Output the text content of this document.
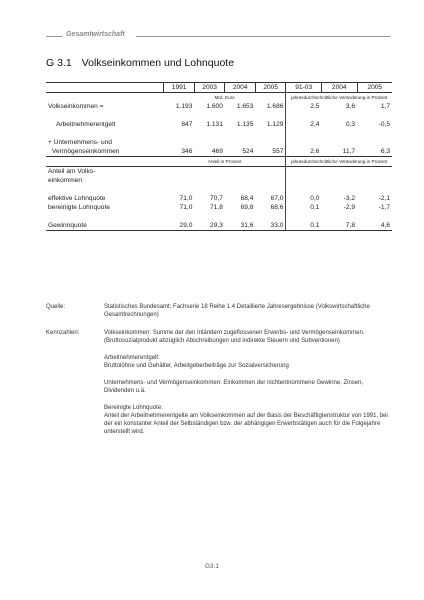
Gesamtwirtschaft
G 3.1 Volkseinkommen und Lohnquote
	1991	2003	2004	2005	91-03	2004	2005
	Mrd. Euro				jahresdurchschnittliche Veränderung in Prozent		
Volkseinkommen =	1.193	1.600	1.653	1.686	2,5	3,6	1,7

Arbeitnehmerentgelt	847	1.131	1.135	1.129	2,4	0,3	-0,5

+ Unternehmens- und							
Vermögenseinkommen	346	469	524	557	2,6	11,7	6,3
	Anteil in Prozent				jahresdurchschnittliche Veränderung in Prozent		
Anteil am Volks-							
einkommen							

effektive Lohnquote	71,0	70,7	68,4	67,0	0,0	-3,2	-2,1
bereinigte Lohnquote	71,0	71,8	69,8	68,6	0,1	-2,9	-1,7

Gewinnquote	29,0	29,3	31,6	33,0	0,1	7,8	4,6
Quelle:	Statistisches Bundesamt; Fachserie 18 Reihe 1.4 Detaillierte Jahresergebnisse (Volkswirtschaftliche Gesamtrechnungen)
Kennzahlen:	Volkseinkommen: Summe der den Inländern zugeflossenen Erwerbs- und Vermögenseinkommen. (Bruttosozialprodukt abzüglich Abschreibungen und indirekte Steuern und Subventionen)
Arbeitnehmerentgelt:
Bruttolöhne und Gehälter, Arbeitgeberbeiträge zur Sozialversicherung
Unternehmens- und Vermögenseinkommen: Einkommen der nichtentnommene Gewinne, Zinsen, Dividenden u.ä.
Bereinigte Lohnquote:
Anteil der Arbeitnehmerentgelte am Volkseinkommen auf der Basis der Beschäftigtenstruktur von 1991, bei der ein konstanter Anteil der Selbständigen bzw. der abhängigen Erwerbstätigen auch für die Folgejahre unterstellt wird.
G3.1
